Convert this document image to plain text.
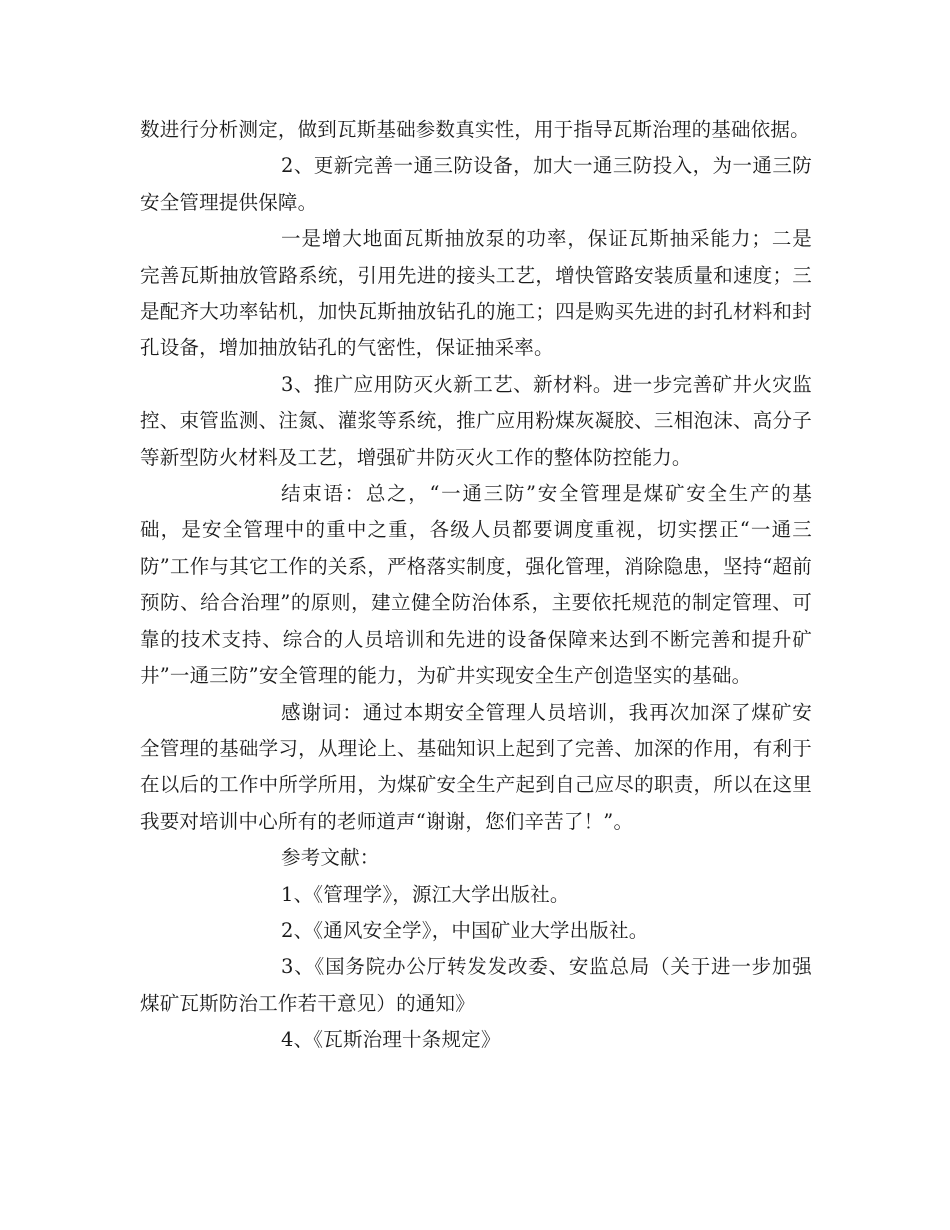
数进行分析测定，做到瓦斯基础参数真实性，用于指导瓦斯治理的基础依据。

2、更新完善一通三防设备，加大一通三防投入，为一通三防安全管理提供保障。

一是增大地面瓦斯抽放泵的功率，保证瓦斯抽采能力；二是完善瓦斯抽放管路系统，引用先进的接头工艺，增快管路安装质量和速度；三是配齐大功率钻机，加快瓦斯抽放钻孔的施工；四是购买先进的封孔材料和封孔设备，增加抽放钻孔的气密性，保证抽采率。

3、推广应用防灭火新工艺、新材料。进一步完善矿井火灾监控、束管监测、注氮、灌浆等系统，推广应用粉煤灰凝胶、三相泡沫、高分子等新型防火材料及工艺，增强矿井防灭火工作的整体防控能力。

结束语：总之，“一通三防”安全管理是煤矿安全生产的基础，是安全管理中的重中之重，各级人员都要调度重视，切实摆正“一通三防”工作与其它工作的关系，严格落实制度，强化管理，消除隐患，坚持“超前预防、给合治理”的原则，建立健全防治体系，主要依托规范的制定管理、可靠的技术支持、综合的人员培训和先进的设备保障来达到不断完善和提升矿井”一通三防”安全管理的能力，为矿井实现安全生产创造坚实的基础。

感谢词：通过本期安全管理人员培训，我再次加深了煤矿安全管理的基础学习，从理论上、基础知识上起到了完善、加深的作用，有利于在以后的工作中所学所用，为煤矿安全生产起到自己应尽的职责，所以在这里我要对培训中心所有的老师道声“谢谢，您们辛苦了！”。

参考文献：

1、《管理学》，源江大学出版社。

2、《通风安全学》，中国矿业大学出版社。

3、《国务院办公厅转发发改委、安监总局（关于进一步加强煤矿瓦斯防治工作若干意见）的通知》

4、《瓦斯治理十条规定》
